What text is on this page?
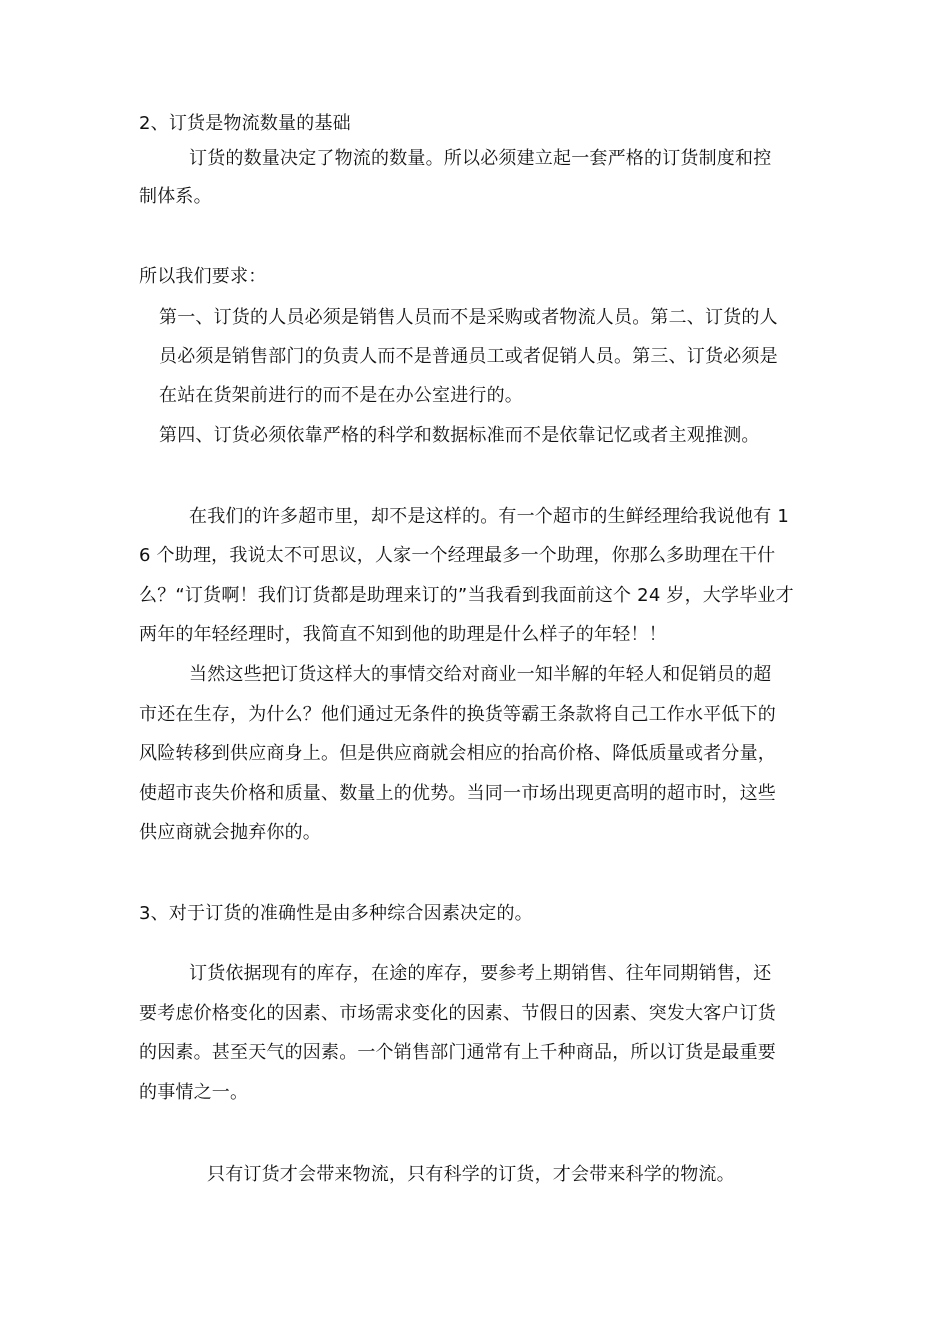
2、订货是物流数量的基础
订货的数量决定了物流的数量。所以必须建立起一套严格的订货制度和控
制体系。
所以我们要求：
第一、订货的人员必须是销售人员而不是采购或者物流人员。第二、订货的人
员必须是销售部门的负责人而不是普通员工或者促销人员。第三、订货必须是
在站在货架前进行的而不是在办公室进行的。
第四、订货必须依靠严格的科学和数据标准而不是依靠记忆或者主观推测。
在我们的许多超市里，却不是这样的。有一个超市的生鲜经理给我说他有 1
6 个助理，我说太不可思议，人家一个经理最多一个助理，你那么多助理在干什
么？“订货啊！我们订货都是助理来订的”当我看到我面前这个 24 岁，大学毕业才
两年的年轻经理时，我简直不知到他的助理是什么样子的年轻！！
当然这些把订货这样大的事情交给对商业一知半解的年轻人和促销员的超
市还在生存，为什么？他们通过无条件的换货等霸王条款将自己工作水平低下的
风险转移到供应商身上。但是供应商就会相应的抬高价格、降低质量或者分量，
使超市丧失价格和质量、数量上的优势。当同一市场出现更高明的超市时，这些
供应商就会抛弃你的。
3、对于订货的准确性是由多种综合因素决定的。
订货依据现有的库存，在途的库存，要参考上期销售、往年同期销售，还
要考虑价格变化的因素、市场需求变化的因素、节假日的因素、突发大客户订货
的因素。甚至天气的因素。一个销售部门通常有上千种商品，所以订货是最重要
的事情之一。
只有订货才会带来物流，只有科学的订货，才会带来科学的物流。
